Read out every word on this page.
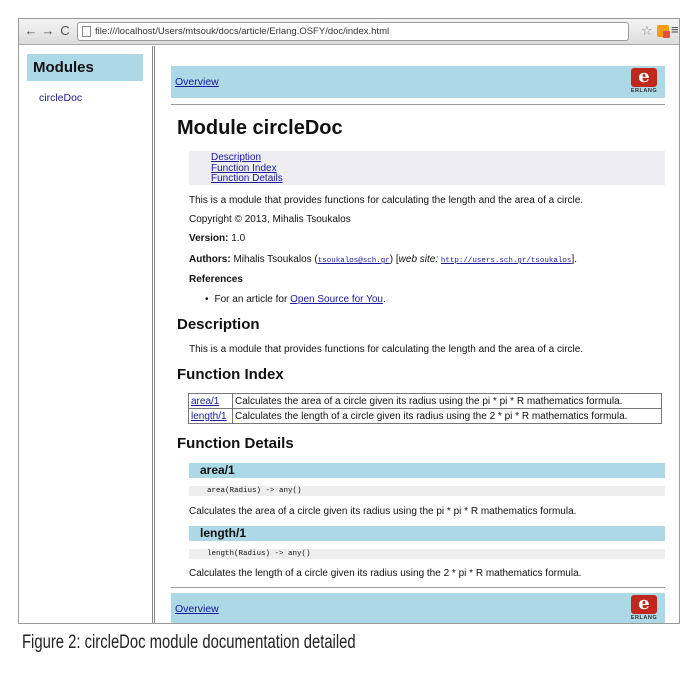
← → C	file:///localhost/Users/mtsouk/docs/article/Erlang.OSFY/doc/index.html	☆ ≡
Modules
circleDoc
Overview	e
ERLANG
Module circleDoc
Description
Function Index
Function Details
This is a module that provides functions for calculating the length and the area of a circle.
Copyright © 2013, Mihalis Tsoukalos
Version: 1.0
Authors: Mihalis Tsoukalos (tsoukalos@sch.gr) [web site: http://users.sch.gr/tsoukalos].
References
• For an article for Open Source for You.
Description
This is a module that provides functions for calculating the length and the area of a circle.
Function Index
area/1	Calculates the area of a circle given its radius using the pi * pi * R mathematics formula.
length/1	Calculates the length of a circle given its radius using the 2 * pi * R mathematics formula.
Function Details
area/1
area(Radius) -> any()
Calculates the area of a circle given its radius using the pi * pi * R mathematics formula.
length/1
length(Radius) -> any()
Calculates the length of a circle given its radius using the 2 * pi * R mathematics formula.
Overview	e
ERLANG
Figure 2: circleDoc module documentation detailed
